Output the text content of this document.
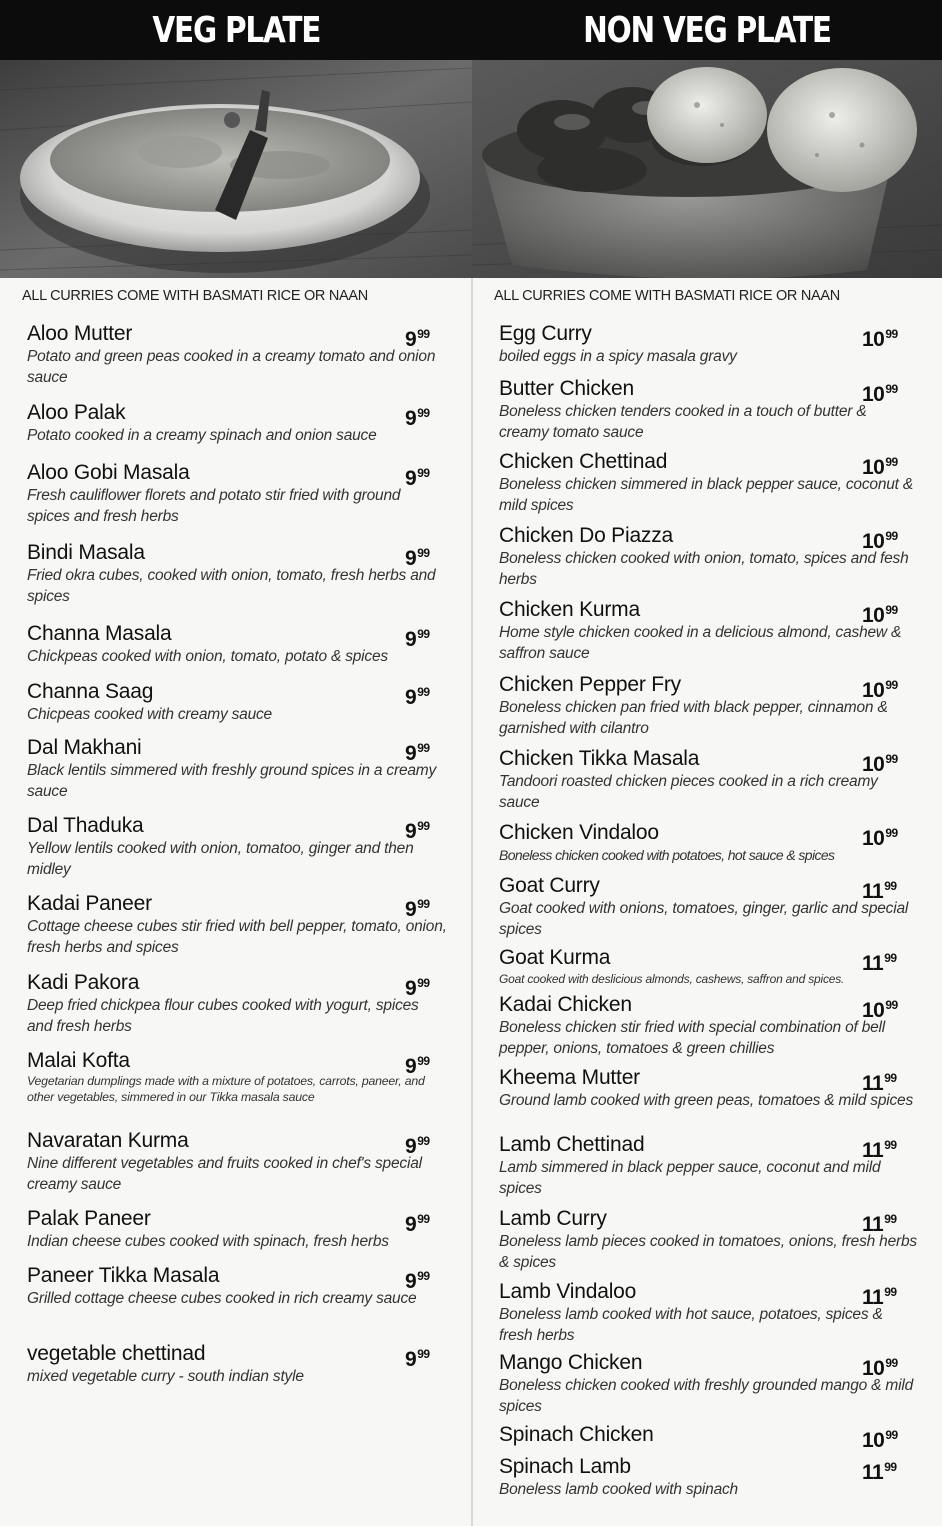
VEG PLATE
ALL CURRIES COME WITH BASMATI RICE OR NAAN
Aloo Mutter	$9^{99}$
Potato and green peas cooked in a creamy tomato and onion sauce
Aloo Palak	$9^{99}$
Potato cooked in a creamy spinach and onion sauce
Aloo Gobi Masala	$9^{99}$
Fresh cauliflower florets and potato stir fried with ground spices and fresh herbs
Bindi Masala	$9^{99}$
Fried okra cubes, cooked with onion, tomato, fresh herbs and spices
Channa Masala	$9^{99}$
Chickpeas cooked with onion, tomato, potato & spices
Channa Saag	$9^{99}$
Chicpeas cooked with creamy sauce
Dal Makhani	$9^{99}$
Black lentils simmered with freshly ground spices in a creamy sauce
Dal Thaduka	$9^{99}$
Yellow lentils cooked with onion, tomatoo, ginger and then midley
Kadai Paneer	$9^{99}$
Cottage cheese cubes stir fried with bell pepper, tomato, onion, fresh herbs and spices
Kadi Pakora	$9^{99}$
Deep fried chickpea flour cubes cooked with yogurt, spices and fresh herbs
Malai Kofta	$9^{99}$
Vegetarian dumplings made with a mixture of potatoes, carrots, paneer, and other vegetables, simmered in our Tikka masala sauce
Navaratan Kurma	$9^{99}$
Nine different vegetables and fruits cooked in chef's special creamy sauce
Palak Paneer	$9^{99}$
Indian cheese cubes cooked with spinach, fresh herbs
Paneer Tikka Masala	$9^{99}$
Grilled cottage cheese cubes cooked in rich creamy sauce
vegetable chettinad	$9^{99}$
mixed vegetable curry - south indian style
NON VEG PLATE
ALL CURRIES COME WITH BASMATI RICE OR NAAN
Egg Curry	$10^{99}$
boiled eggs in a spicy masala gravy
Butter Chicken	$10^{99}$
Boneless chicken tenders cooked in a touch of butter & creamy tomato sauce
Chicken Chettinad	$10^{99}$
Boneless chicken simmered in black pepper sauce, coconut & mild spices
Chicken Do Piazza	$10^{99}$
Boneless chicken cooked with onion, tomato, spices and fesh herbs
Chicken Kurma	$10^{99}$
Home style chicken cooked in a delicious almond, cashew & saffron sauce
Chicken Pepper Fry	$10^{99}$
Boneless chicken pan fried with black pepper, cinnamon & garnished with cilantro
Chicken Tikka Masala	$10^{99}$
Tandoori roasted chicken pieces cooked in a rich creamy sauce
Chicken Vindaloo	$10^{99}$
Boneless chicken cooked with potatoes, hot sauce & spices
Goat Curry	$11^{99}$
Goat cooked with onions, tomatoes, ginger, garlic and special spices
Goat Kurma	$11^{99}$
Goat cooked with deslicious almonds, cashews, saffron and spices.
Kadai Chicken	$10^{99}$
Boneless chicken stir fried with special combination of bell pepper, onions, tomatoes & green chillies
Kheema Mutter	$11^{99}$
Ground lamb cooked with green peas, tomatoes & mild spices
Lamb Chettinad	$11^{99}$
Lamb simmered in black pepper sauce, coconut and mild spices
Lamb Curry	$11^{99}$
Boneless lamb pieces cooked in tomatoes, onions, fresh herbs & spices
Lamb Vindaloo	$11^{99}$
Boneless lamb cooked with hot sauce, potatoes, spices & fresh herbs
Mango Chicken	$10^{99}$
Boneless chicken cooked with freshly grounded mango & mild spices
Spinach Chicken	$10^{99}$
Spinach Lamb	$11^{99}$
Boneless lamb cooked with spinach
